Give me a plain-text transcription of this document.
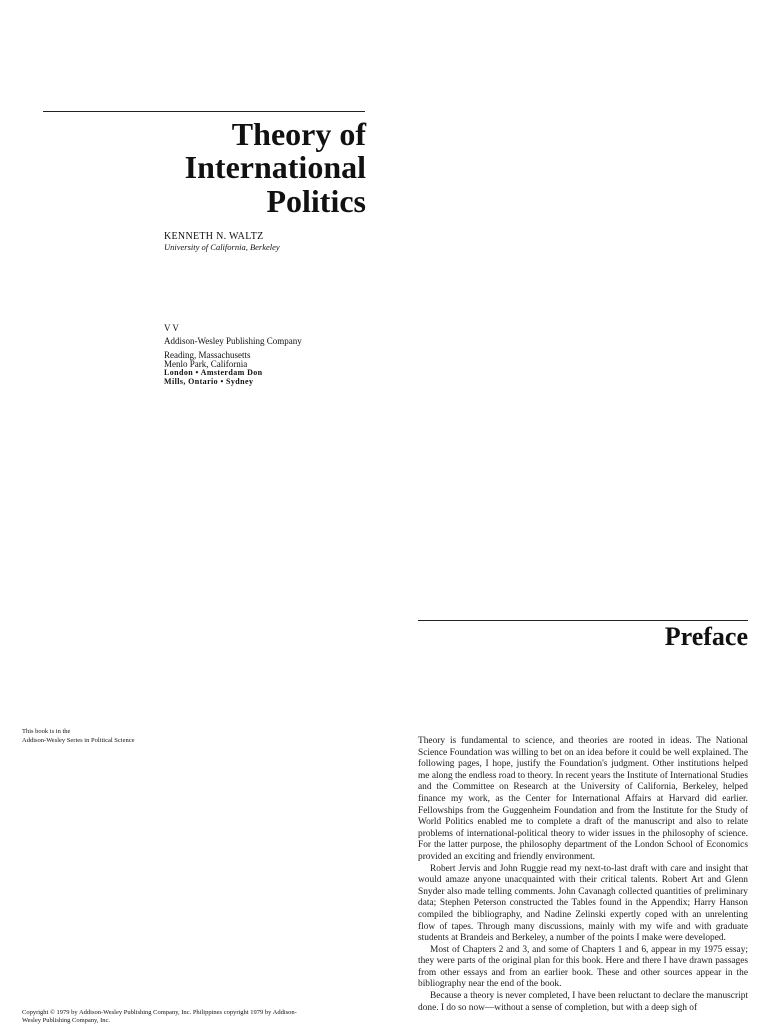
Theory of
International
Politics
KENNETH N. WALTZ
University of California, Berkeley
V V
Addison-Wesley Publishing Company
Reading, Massachusetts
Menlo Park, California
London • Amsterdam Don
Mills, Ontario • Sydney
This book is in the
Addison-Wesley Series in Political Science
Copyright © 1979 by Addison-Wesley Publishing Company, Inc. Philippines copyright 1979 by Addison-
Wesley Publishing Company, Inc.
Preface

Theory is fundamental to science, and theories are rooted in ideas. The National Science Foundation was willing to bet on an idea before it could be well explained. The following pages, I hope, justify the Foundation's judgment. Other institutions helped me along the endless road to theory. In recent years the Institute of International Studies and the Committee on Research at the University of California, Berkeley, helped finance my work, as the Center for International Affairs at Harvard did earlier. Fellowships from the Guggenheim Foundation and from the Institute for the Study of World Politics enabled me to complete a draft of the manuscript and also to relate problems of international-political theory to wider issues in the philosophy of science. For the latter purpose, the philosophy department of the London School of Economics provided an exciting and friendly environment.

Robert Jervis and John Ruggie read my next-to-last draft with care and insight that would amaze anyone unacquainted with their critical talents. Robert Art and Glenn Snyder also made telling comments. John Cavanagh collected quantities of preliminary data; Stephen Peterson constructed the Tables found in the Appendix; Harry Hanson compiled the bibliography, and Nadine Zelinski expertly coped with an unrelenting flow of tapes. Through many discussions, mainly with my wife and with graduate students at Brandeis and Berkeley, a number of the points I make were developed.

Most of Chapters 2 and 3, and some of Chapters 1 and 6, appear in my 1975 essay; they were parts of the original plan for this book. Here and there I have drawn passages from other essays and from an earlier book. These and other sources appear in the bibliography near the end of the book.

Because a theory is never completed, I have been reluctant to declare the manuscript done. I do so now—without a sense of completion, but with a deep sigh of
